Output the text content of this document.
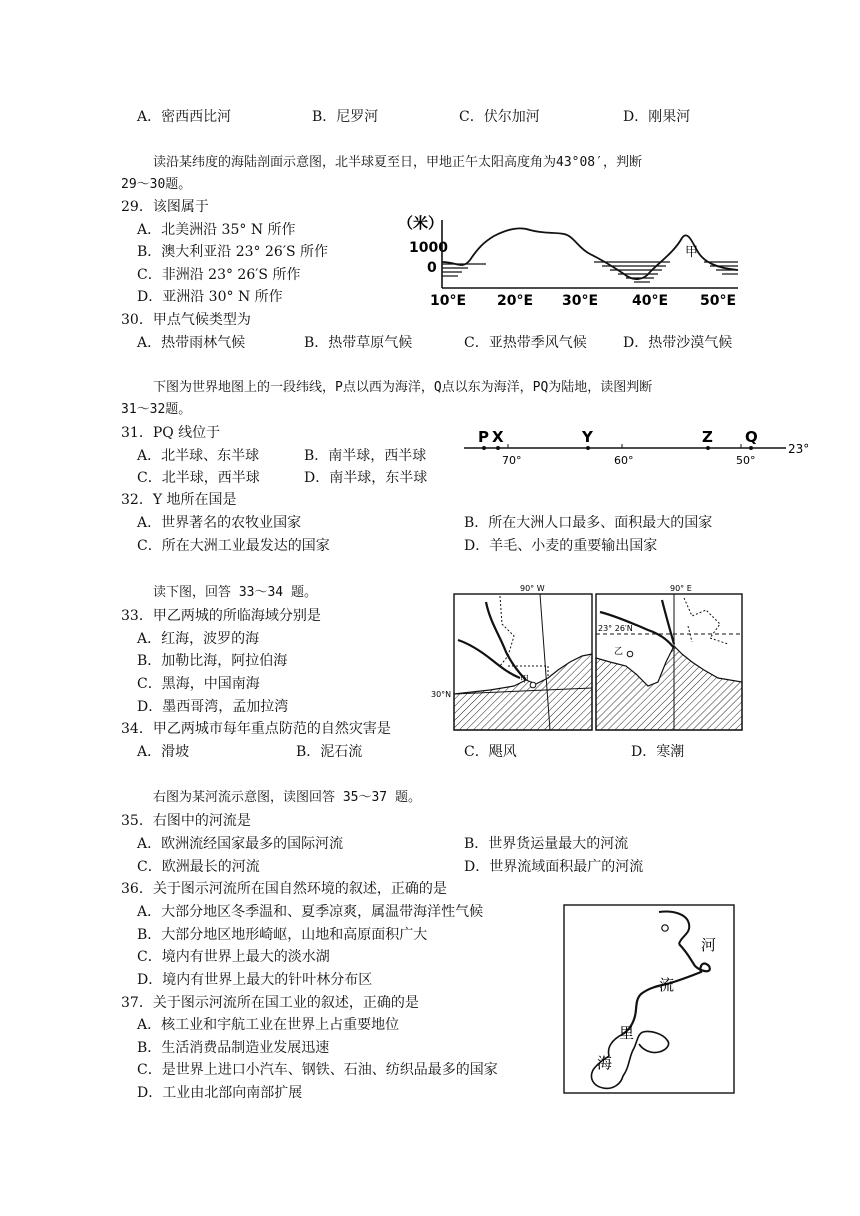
A．密西西比河	B．尼罗河	C．伏尔加河	D．刚果河
读沿某纬度的海陆剖面示意图，北半球夏至日，甲地正午太阳高度角为43°08′，判断
29～30题。
29．该图属于
A．北美洲沿 35° N 所作
B．澳大利亚沿 23° 26′S 所作
C．非洲沿 23° 26′S 所作
D．亚洲沿 30° N 所作
（米）
1000
0
甲
10°E 20°E 30°E 40°E 50°E
30．甲点气候类型为
A．热带雨林气候	B．热带草原气候	C．亚热带季风气候	D．热带沙漠气候
下图为世界地图上的一段纬线，P点以西为海洋，Q点以东为海洋，PQ为陆地，读图判断
31～32题。
31．PQ 线位于
A．北半球、东半球	B．南半球，西半球
C．北半球，西半球	D．南半球，东半球
P X	Y	Z Q
70°	60°	50°
23°
32．Y 地所在国是
A．世界著名的农牧业国家	B．所在大洲人口最多、面积最大的国家
C．所在大洲工业最发达的国家	D．羊毛、小麦的重要输出国家
读下图，回答 33～34 题。
33．甲乙两城的所临海域分别是
A．红海，波罗的海
B．加勒比海，阿拉伯海
C．黑海，中国南海
D．墨西哥湾，孟加拉湾
90° W
30°N
甲
90° E
23° 26′N
乙
34．甲乙两城市每年重点防范的自然灾害是
A．滑坡	B．泥石流	C．飓风	D．寒潮
右图为某河流示意图，读图回答 35～37 题。
35．右图中的河流是
A．欧洲流经国家最多的国际河流	B．世界货运量最大的河流
C．欧洲最长的河流	D．世界流域面积最广的河流
36．关于图示河流所在国自然环境的叙述，正确的是
A．大部分地区冬季温和、夏季凉爽，属温带海洋性气候
B．大部分地区地形崎岖，山地和高原面积广大
C．境内有世界上最大的淡水湖
D．境内有世界上最大的针叶林分布区
河
流
里
海
37．关于图示河流所在国工业的叙述，正确的是
A．核工业和宇航工业在世界上占重要地位
B．生活消费品制造业发展迅速
C．是世界上进口小汽车、钢铁、石油、纺织品最多的国家
D．工业由北部向南部扩展
